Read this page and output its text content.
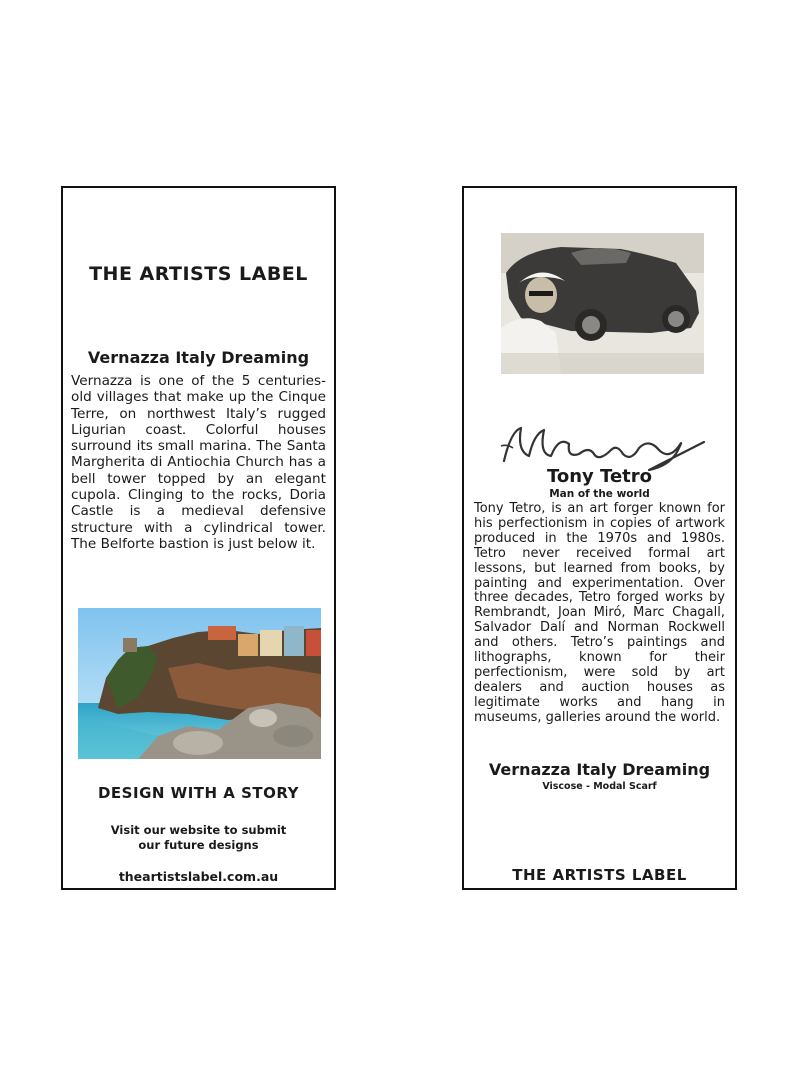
THE ARTISTS LABEL
Vernazza Italy Dreaming
Vernazza is one of the 5 centuries-old villages that make up the Cinque Terre, on northwest Italy’s rugged Ligurian coast. Colorful houses surround its small marina. The Santa Margherita di Antiochia Church has a bell tower topped by an elegant cupola. Clinging to the rocks, Doria Castle is a medieval defensive structure with a cylindrical tower. The Belforte bastion is just below it.
DESIGN WITH A STORY
Visit our website to submit
our future designs
theartistslabel.com.au
Tony Tetro
Man of the world
Tony Tetro, is an art forger known for his perfectionism in copies of artwork produced in the 1970s and 1980s. Tetro never received formal art lessons, but learned from books, by painting and experimentation. Over three decades, Tetro forged works by Rembrandt, Joan Miró, Marc Chagall, Salvador Dalí and Norman Rockwell and others. Tetro’s paintings and lithographs, known for their perfectionism, were sold by art dealers and auction houses as legitimate works and hang in museums, galleries around the world.
Vernazza Italy Dreaming
Viscose - Modal Scarf
THE ARTISTS LABEL
